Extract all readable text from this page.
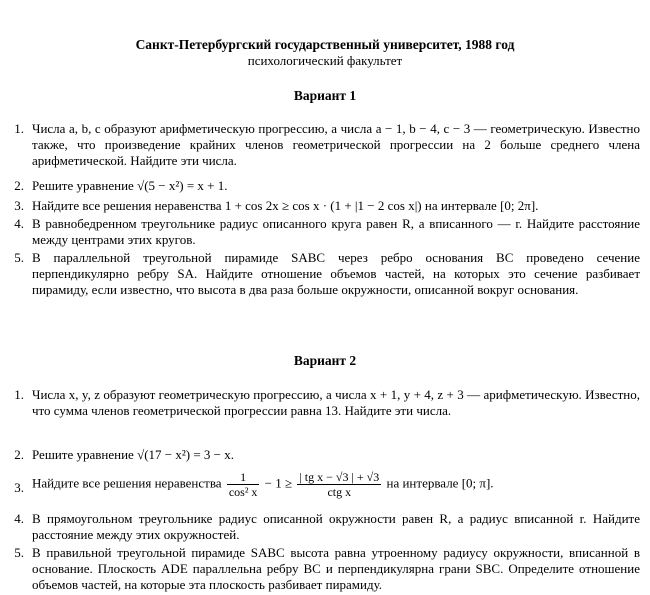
Санкт-Петербургский государственный университет, 1988 год
психологический факультет
Вариант 1
1. Числа a, b, c образуют арифметическую прогрессию, а числа a − 1, b − 4, c − 3 — геометрическую. Известно также, что произведение крайних членов геометрической прогрессии на 2 больше среднего члена арифметической. Найдите эти числа.
2. Решите уравнение √(5 − x²) = x + 1.
3. Найдите все решения неравенства 1 + cos 2x ≥ cos x · (1 + |1 − 2 cos x|) на интервале [0; 2π].
4. В равнобедренном треугольнике радиус описанного круга равен R, а вписанного — r. Найдите расстояние между центрами этих кругов.
5. В параллельной треугольной пирамиде SABC через ребро основания BC проведено сечение перпендикулярно ребру SA. Найдите отношение объемов частей, на которых это сечение разбивает пирамиду, если известно, что высота в два раза больше окружности, описанной вокруг основания.
Вариант 2
1. Числа x, y, z образуют геометрическую прогрессию, а числа x + 1, y + 4, z + 3 — арифметическую. Известно, что сумма членов геометрической прогрессии равна 13. Найдите эти числа.
2. Решите уравнение √(17 − x²) = 3 − x.
3. Найдите все решения неравенства $\frac{1}{\text{cos² x}} - 1 \ge \frac{\text{| tg x − √3 | + √3}}{\text{ctg x}}$ на интервале [0; π].
4. В прямоугольном треугольнике радиус описанной окружности равен R, а радиус вписанной r. Найдите расстояние между этих окружностей.
5. В правильной треугольной пирамиде SABC высота равна утроенному радиусу окружности, вписанной в основание. Плоскость ADE параллельна ребру BC и перпендикулярна грани SBC. Определите отношение объемов частей, на которые эта плоскость разбивает пирамиду.
